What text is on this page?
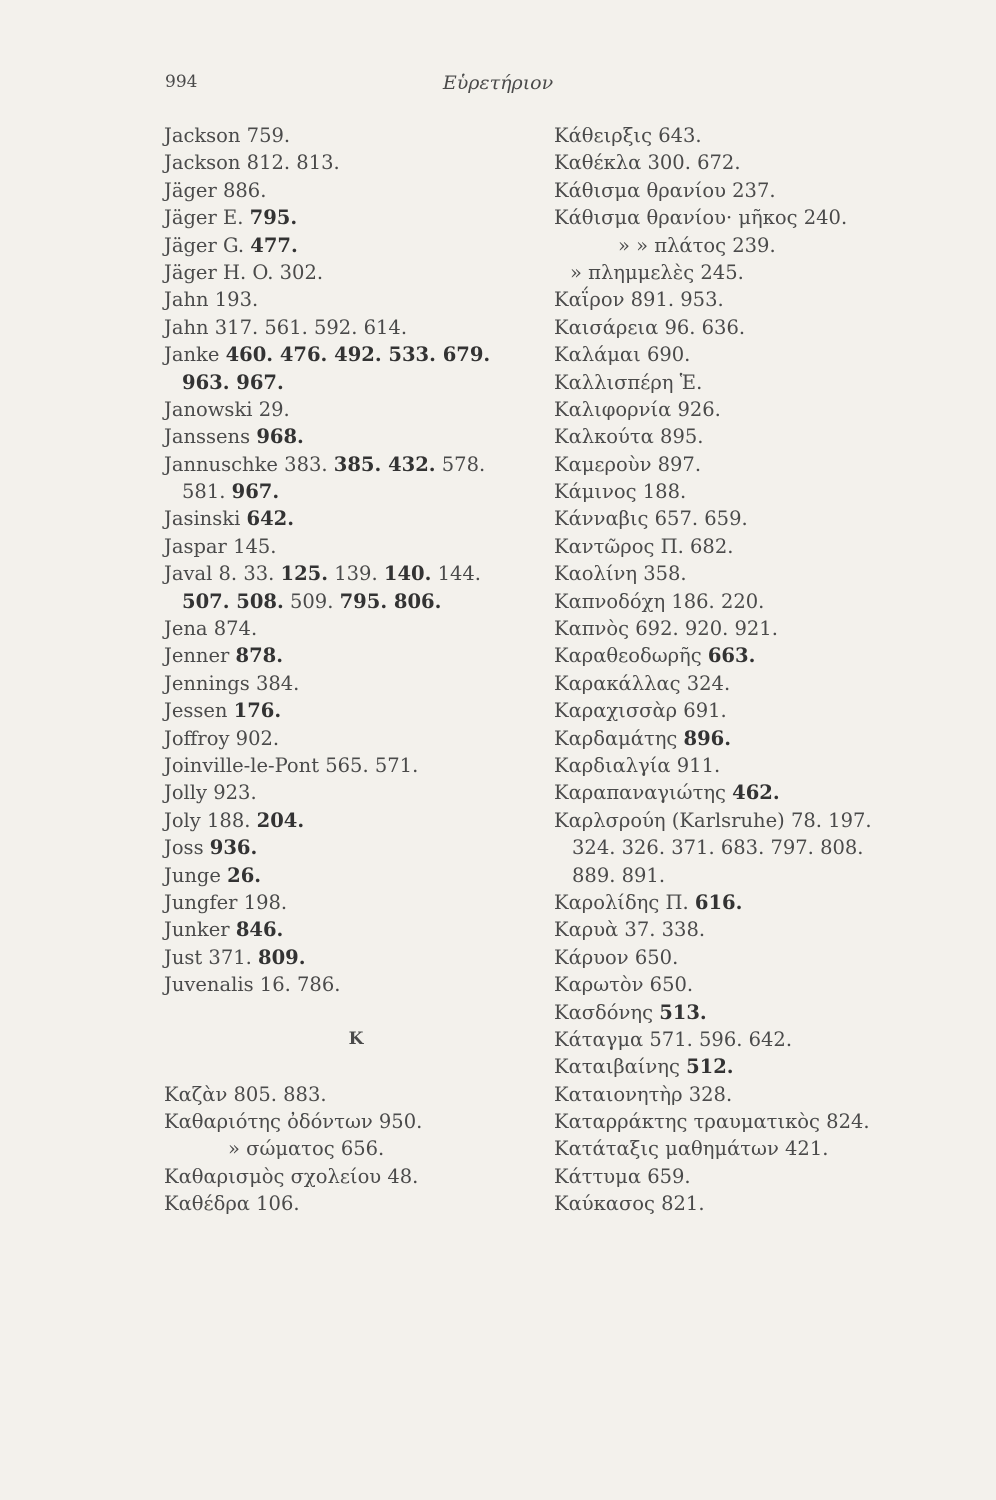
994	Εὑρετήριον
Jackson 759.
Jackson 812. 813.
Jäger 886.
Jäger E. 795.
Jäger G. 477.
Jäger H. O. 302.
Jahn 193.
Jahn 317. 561. 592. 614.
Janke 460. 476. 492. 533. 679.
963. 967.
Janowski 29.
Janssens 968.
Jannuschke 383. 385. 432. 578.
581. 967.
Jasinski 642.
Jaspar 145.
Javal 8. 33. 125. 139. 140. 144.
507. 508. 509. 795. 806.
Jena 874.
Jenner 878.
Jennings 384.
Jessen 176.
Joffroy 902.
Joinville-le-Pont 565. 571.
Jolly 923.
Joly 188. 204.
Joss 936.
Junge 26.
Jungfer 198.
Junker 846.
Just 371. 809.
Juvenalis 16. 786.
K
Καζὰν 805. 883.
Καθαριότης ὀδόντων 950.
» σώματος 656.
Καθαρισμὸς σχολείου 48.
Καθέδρα 106.
Κάθειρξις 643.
Καθέκλα 300. 672.
Κάθισμα θρανίου 237.
Κάθισμα θρανίου· μῆκος 240.
» » πλάτος 239.
» πλημμελὲς 245.
Καΐρον 891. 953.
Καισάρεια 96. 636.
Καλάμαι 690.
Καλλισπέρη Ἑ.
Καλιφορνία 926.
Καλκούτα 895.
Καμεροὺν 897.
Κάμινος 188.
Κάνναβις 657. 659.
Καντῶρος Π. 682.
Καολίνη 358.
Καπνοδόχη 186. 220.
Καπνὸς 692. 920. 921.
Καραθεοδωρῆς 663.
Καρακάλλας 324.
Καραχισσὰρ 691.
Καρδαμάτης 896.
Καρδιαλγία 911.
Καραπαναγιώτης 462.
Καρλσρούη (Karlsruhe) 78. 197.
324. 326. 371. 683. 797. 808.
889. 891.
Καρολίδης Π. 616.
Καρυὰ 37. 338.
Κάρυον 650.
Καρωτὸν 650.
Κασδόνης 513.
Κάταγμα 571. 596. 642.
Καταιβαίνης 512.
Καταιονητὴρ 328.
Καταρράκτης τραυματικὸς 824.
Κατάταξις μαθημάτων 421.
Κάττυμα 659.
Καύκασος 821.
